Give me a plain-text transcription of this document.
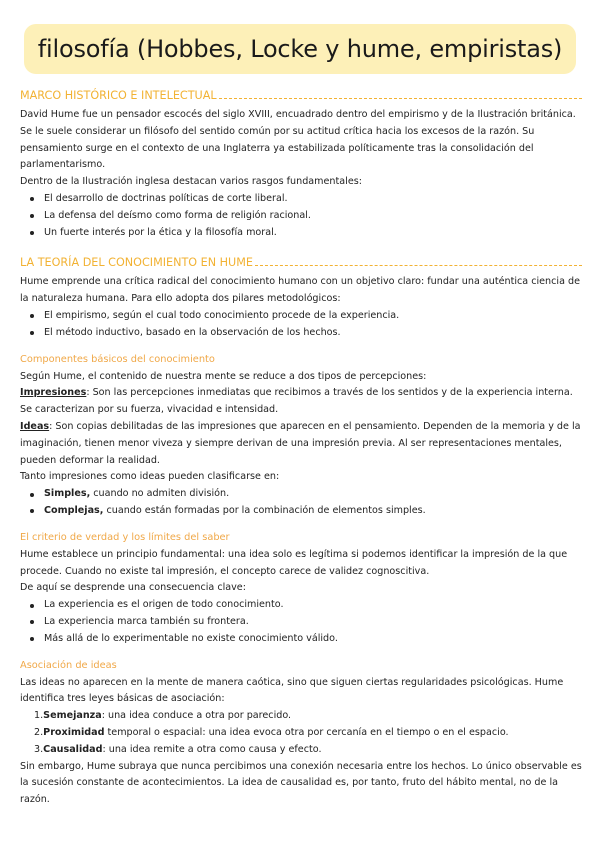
filosofía (Hobbes, Locke y hume, empiristas)
MARCO HISTÓRICO E INTELECTUAL

David Hume fue un pensador escocés del siglo XVIII, encuadrado dentro del empirismo y de la Ilustración británica. Se le suele considerar un filósofo del sentido común por su actitud crítica hacia los excesos de la razón. Su pensamiento surge en el contexto de una Inglaterra ya estabilizada políticamente tras la consolidación del parlamentarismo.

Dentro de la Ilustración inglesa destacan varios rasgos fundamentales:

El desarrollo de doctrinas políticas de corte liberal.
La defensa del deísmo como forma de religión racional.
Un fuerte interés por la ética y la filosofía moral.
LA TEORÍA DEL CONOCIMIENTO EN HUME

Hume emprende una crítica radical del conocimiento humano con un objetivo claro: fundar una auténtica ciencia de la naturaleza humana. Para ello adopta dos pilares metodológicos:

El empirismo, según el cual todo conocimiento procede de la experiencia.
El método inductivo, basado en la observación de los hechos.
Componentes básicos del conocimiento

Según Hume, el contenido de nuestra mente se reduce a dos tipos de percepciones:

Impresiones: Son las percepciones inmediatas que recibimos a través de los sentidos y de la experiencia interna. Se caracterizan por su fuerza, vivacidad e intensidad.

Ideas: Son copias debilitadas de las impresiones que aparecen en el pensamiento. Dependen de la memoria y de la imaginación, tienen menor viveza y siempre derivan de una impresión previa. Al ser representaciones mentales, pueden deformar la realidad.

Tanto impresiones como ideas pueden clasificarse en:

Simples, cuando no admiten división.
Complejas, cuando están formadas por la combinación de elementos simples.
El criterio de verdad y los límites del saber

Hume establece un principio fundamental: una idea solo es legítima si podemos identificar la impresión de la que procede. Cuando no existe tal impresión, el concepto carece de validez cognoscitiva.

De aquí se desprende una consecuencia clave:

La experiencia es el origen de todo conocimiento.
La experiencia marca también su frontera.
Más allá de lo experimentable no existe conocimiento válido.
Asociación de ideas

Las ideas no aparecen en la mente de manera caótica, sino que siguen ciertas regularidades psicológicas. Hume identifica tres leyes básicas de asociación:

1.Semejanza: una idea conduce a otra por parecido.
2.Proximidad temporal o espacial: una idea evoca otra por cercanía en el tiempo o en el espacio.
3.Causalidad: una idea remite a otra como causa y efecto.

Sin embargo, Hume subraya que nunca percibimos una conexión necesaria entre los hechos. Lo único observable es la sucesión constante de acontecimientos. La idea de causalidad es, por tanto, fruto del hábito mental, no de la razón.
